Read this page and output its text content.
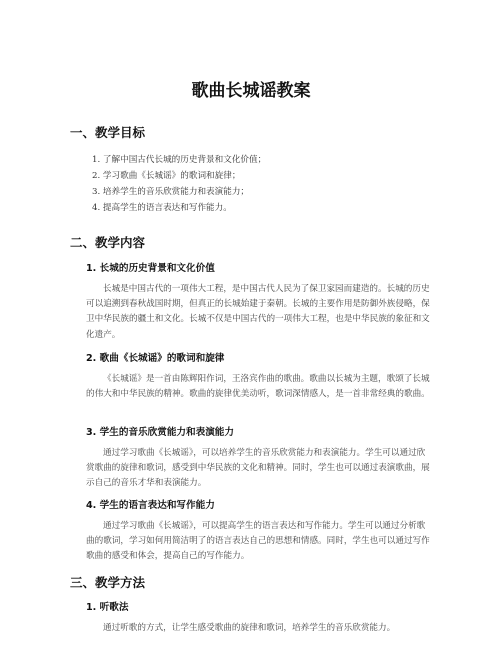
歌曲长城谣教案
一、教学目标
1. 了解中国古代长城的历史背景和文化价值；
2. 学习歌曲《长城谣》的歌词和旋律；
3. 培养学生的音乐欣赏能力和表演能力；
4. 提高学生的语言表达和写作能力。
二、教学内容
1. 长城的历史背景和文化价值

长城是中国古代的一项伟大工程，是中国古代人民为了保卫家园而建造的。长城的历史可以追溯到春秋战国时期，但真正的长城始建于秦朝。长城的主要作用是防御外族侵略，保卫中华民族的疆土和文化。长城不仅是中国古代的一项伟大工程，也是中华民族的象征和文化遗产。

2. 歌曲《长城谣》的歌词和旋律

《长城谣》是一首由陈辉阳作词，王洛宾作曲的歌曲。歌曲以长城为主题，歌颂了长城的伟大和中华民族的精神。歌曲的旋律优美动听，歌词深情感人，是一首非常经典的歌曲。

3. 学生的音乐欣赏能力和表演能力

通过学习歌曲《长城谣》，可以培养学生的音乐欣赏能力和表演能力。学生可以通过欣赏歌曲的旋律和歌词，感受到中华民族的文化和精神。同时，学生也可以通过表演歌曲，展示自己的音乐才华和表演能力。

4. 学生的语言表达和写作能力

通过学习歌曲《长城谣》，可以提高学生的语言表达和写作能力。学生可以通过分析歌曲的歌词，学习如何用简洁明了的语言表达自己的思想和情感。同时，学生也可以通过写作歌曲的感受和体会，提高自己的写作能力。

三、教学方法
1. 听歌法

通过听歌的方式，让学生感受歌曲的旋律和歌词，培养学生的音乐欣赏能力。
